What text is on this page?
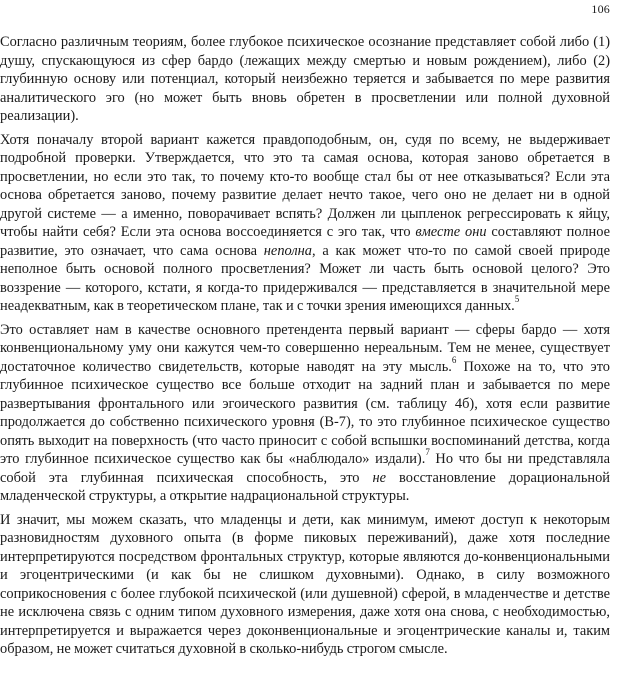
106

Согласно различным теориям, более глубокое психическое осознание представляет собой либо (1) душу, спускающуюся из сфер бардо (лежащих между смертью и новым рождением), либо (2) глубинную основу или потенциал, который неизбежно теряется и забывается по мере развития аналитического эго (но может быть вновь обретен в просветлении или полной духовной реализации).

Хотя поначалу второй вариант кажется правдоподобным, он, судя по всему, не выдерживает подробной проверки. Утверждается, что это та самая основа, которая заново обретается в просветлении, но если это так, то почему кто-то вообще стал бы от нее отказываться? Если эта основа обретается заново, почему развитие делает нечто такое, чего оно не делает ни в одной другой системе — а именно, поворачивает вспять? Должен ли цыпленок регрессировать к яйцу, чтобы найти себя? Если эта основа воссоединяется с эго так, что вместе они составляют полное развитие, это означает, что сама основа неполна, а как может что-то по самой своей природе неполное быть основой полного просветления? Может ли часть быть основой целого? Это воззрение — которого, кстати, я когда-то придерживался — представляется в значительной мере неадекватным, как в теоретическом плане, так и с точки зрения имеющихся данных.$^5$

Это оставляет нам в качестве основного претендента первый вариант — сферы бардо — хотя конвенциональному уму они кажутся чем-то совершенно нереальным. Тем не менее, существует достаточное количество свидетельств, которые наводят на эту мысль.$^6$ Похоже на то, что это глубинное психическое существо все больше отходит на задний план и забывается по мере развертывания фронтального или эгоического развития (см. таблицу 4б), хотя если развитие продолжается до собственно психического уровня (В-7), то это глубинное психическое существо опять выходит на поверхность (что часто приносит с собой вспышки воспоминаний детства, когда это глубинное психическое существо как бы «наблюдало» издали).$^7$ Но что бы ни представляла собой эта глубинная психическая способность, это не восстановление дорациональной младенческой структуры, а открытие надрациональной структуры.

И значит, мы можем сказать, что младенцы и дети, как минимум, имеют доступ к некоторым разновидностям духовного опыта (в форме пиковых переживаний), даже хотя последние интерпретируются посредством фронтальных структур, которые являются до-конвенциональными и эгоцентрическими (и как бы не слишком духовными). Однако, в силу возможного соприкосновения с более глубокой психической (или душевной) сферой, в младенчестве и детстве не исключена связь с одним типом духовного измерения, даже хотя она снова, с необходимостью, интерпретируется и выражается через доконвенциональные и эгоцентрические каналы и, таким образом, не может считаться духовной в сколько-нибудь строгом смысле.
